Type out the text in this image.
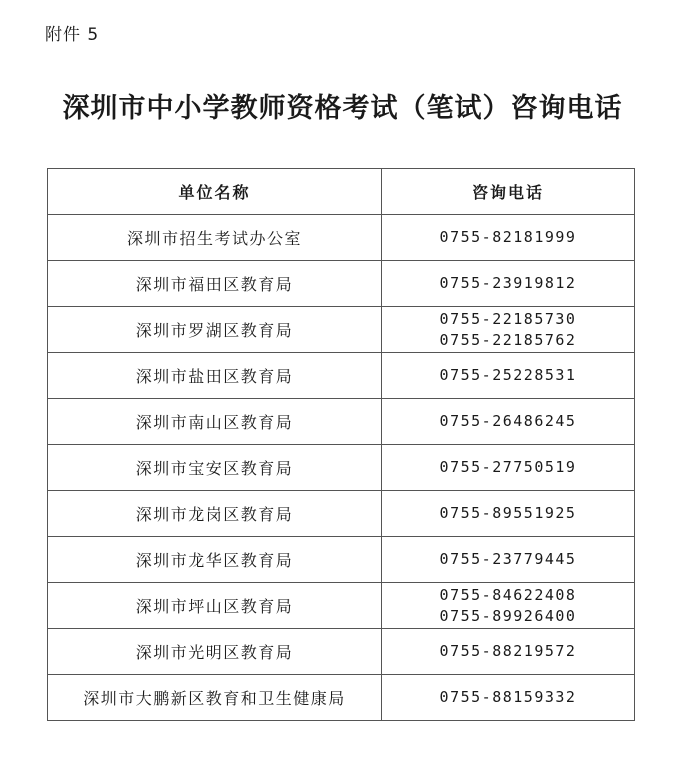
附件 5
深圳市中小学教师资格考试（笔试）咨询电话
单位名称	咨询电话
深圳市招生考试办公室	0755-82181999

深圳市福田区教育局	0755-23919812

深圳市罗湖区教育局	0755-22185730
0755-22185762

深圳市盐田区教育局	0755-25228531

深圳市南山区教育局	0755-26486245

深圳市宝安区教育局	0755-27750519

深圳市龙岗区教育局	0755-89551925

深圳市龙华区教育局	0755-23779445

深圳市坪山区教育局	0755-84622408
0755-89926400

深圳市光明区教育局	0755-88219572

深圳市大鹏新区教育和卫生健康局	0755-88159332
